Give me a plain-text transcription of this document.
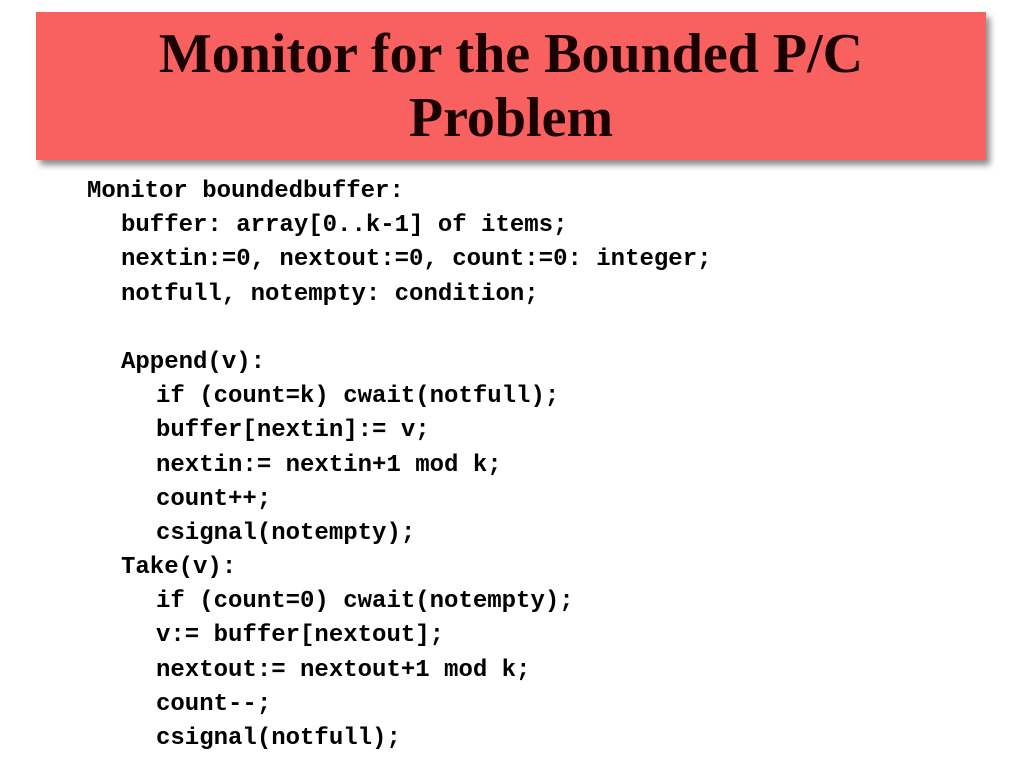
Monitor for the Bounded P/C Problem
Monitor boundedbuffer:
buffer: array[0..k-1] of items;
nextin:=0, nextout:=0, count:=0: integer;
notfull, notempty: condition;
Append(v):
if (count=k) cwait(notfull);
buffer[nextin]:= v;
nextin:= nextin+1 mod k;
count++;
csignal(notempty);
Take(v):
if (count=0) cwait(notempty);
v:= buffer[nextout];
nextout:= nextout+1 mod k;
count--;
csignal(notfull);
